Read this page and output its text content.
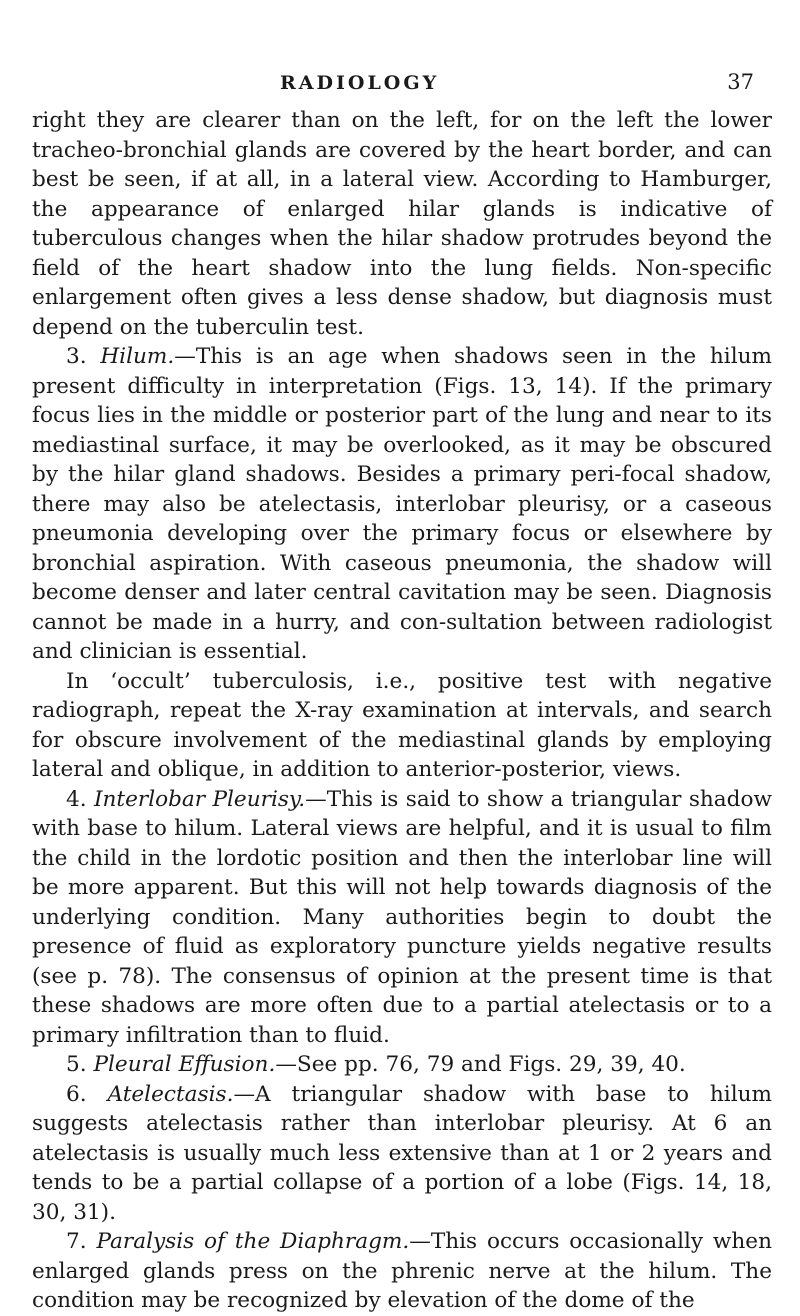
RADIOLOGY	37

right they are clearer than on the left, for on the left the lower tracheo-bronchial glands are covered by the heart border, and can best be seen, if at all, in a lateral view. According to Hamburger, the appearance of enlarged hilar glands is indicative of tuberculous changes when the hilar shadow protrudes beyond the field of the heart shadow into the lung fields. Non-specific enlargement often gives a less dense shadow, but diagnosis must depend on the tuberculin test.

3. Hilum.—This is an age when shadows seen in the hilum present difficulty in interpretation (Figs. 13, 14). If the primary focus lies in the middle or posterior part of the lung and near to its mediastinal surface, it may be overlooked, as it may be obscured by the hilar gland shadows. Besides a primary peri-focal shadow, there may also be atelectasis, interlobar pleurisy, or a caseous pneumonia developing over the primary focus or elsewhere by bronchial aspiration. With caseous pneumonia, the shadow will become denser and later central cavitation may be seen. Diagnosis cannot be made in a hurry, and con-sultation between radiologist and clinician is essential.

In ‘occult’ tuberculosis, i.e., positive test with negative radiograph, repeat the X-ray examination at intervals, and search for obscure involvement of the mediastinal glands by employing lateral and oblique, in addition to anterior-posterior, views.

4. Interlobar Pleurisy.—This is said to show a triangular shadow with base to hilum. Lateral views are helpful, and it is usual to film the child in the lordotic position and then the interlobar line will be more apparent. But this will not help towards diagnosis of the underlying condition. Many authorities begin to doubt the presence of fluid as exploratory puncture yields negative results (see p. 78). The consensus of opinion at the present time is that these shadows are more often due to a partial atelectasis or to a primary infiltration than to fluid.

5. Pleural Effusion.—See pp. 76, 79 and Figs. 29, 39, 40.

6. Atelectasis.—A triangular shadow with base to hilum suggests atelectasis rather than interlobar pleurisy. At 6 an atelectasis is usually much less extensive than at 1 or 2 years and tends to be a partial collapse of a portion of a lobe (Figs. 14, 18, 30, 31).

7. Paralysis of the Diaphragm.—This occurs occasionally when enlarged glands press on the phrenic nerve at the hilum. The condition may be recognized by elevation of the dome of the
